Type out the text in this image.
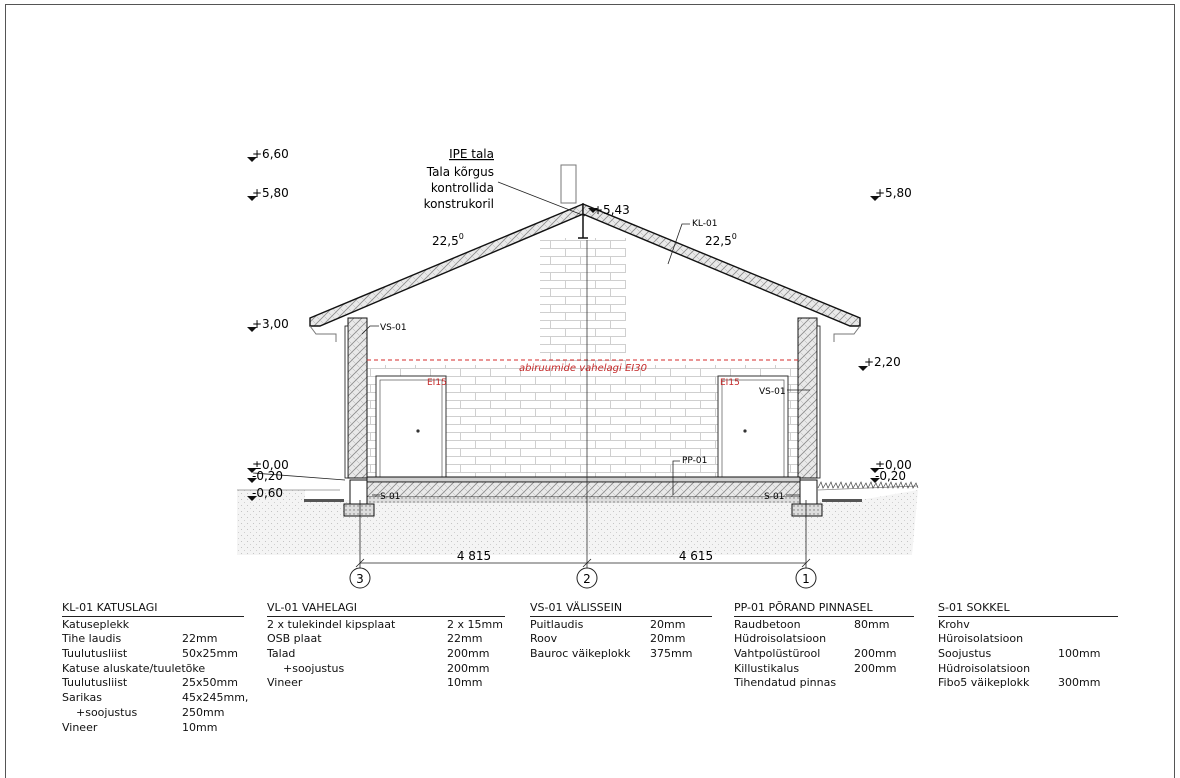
3	2	1
4 815	4 615
+6,60
+5,80
+3,00
±0,00
-0,20
-0,60
+5,80
+2,20
±0,00
-0,20
+5,43
IPE tala
Tala kõrgus
kontrollida
konstrukoril
22,5$^0$	22,5$^0$
KL-01
VS-01
VS-01
PP-01
S-01	S-01
abiruumide vahelagi EI30
EI15	EI15
KL-01 KATUSLAGI
Katuseplekk
Tihe laudis	22mm
Tuulutusliist	50x25mm
Katuse aluskate/tuuletõke
Tuulutusliist	25x50mm
Sarikas	45x245mm,
+soojustus	250mm
Vineer	10mm
VL-01 VAHELAGI
2 x tulekindel kipsplaat	2 x 15mm
OSB plaat	22mm
Talad	200mm
+soojustus	200mm
Vineer	10mm
VS-01 VÄLISSEIN
Puitlaudis	20mm
Roov	20mm
Bauroc väikeplokk 375mm
PP-01 PÕRAND PINNASEL
Raudbetoon	80mm
Hüdroisolatsioon
Vahtpolüstürool	200mm
Killustikalus	200mm
Tihendatud pinnas
S-01 SOKKEL
Krohv
Hüroisolatsioon
Soojustus	100mm
Hüdroisolatsioon
Fibo5 väikeplokk	300mm
